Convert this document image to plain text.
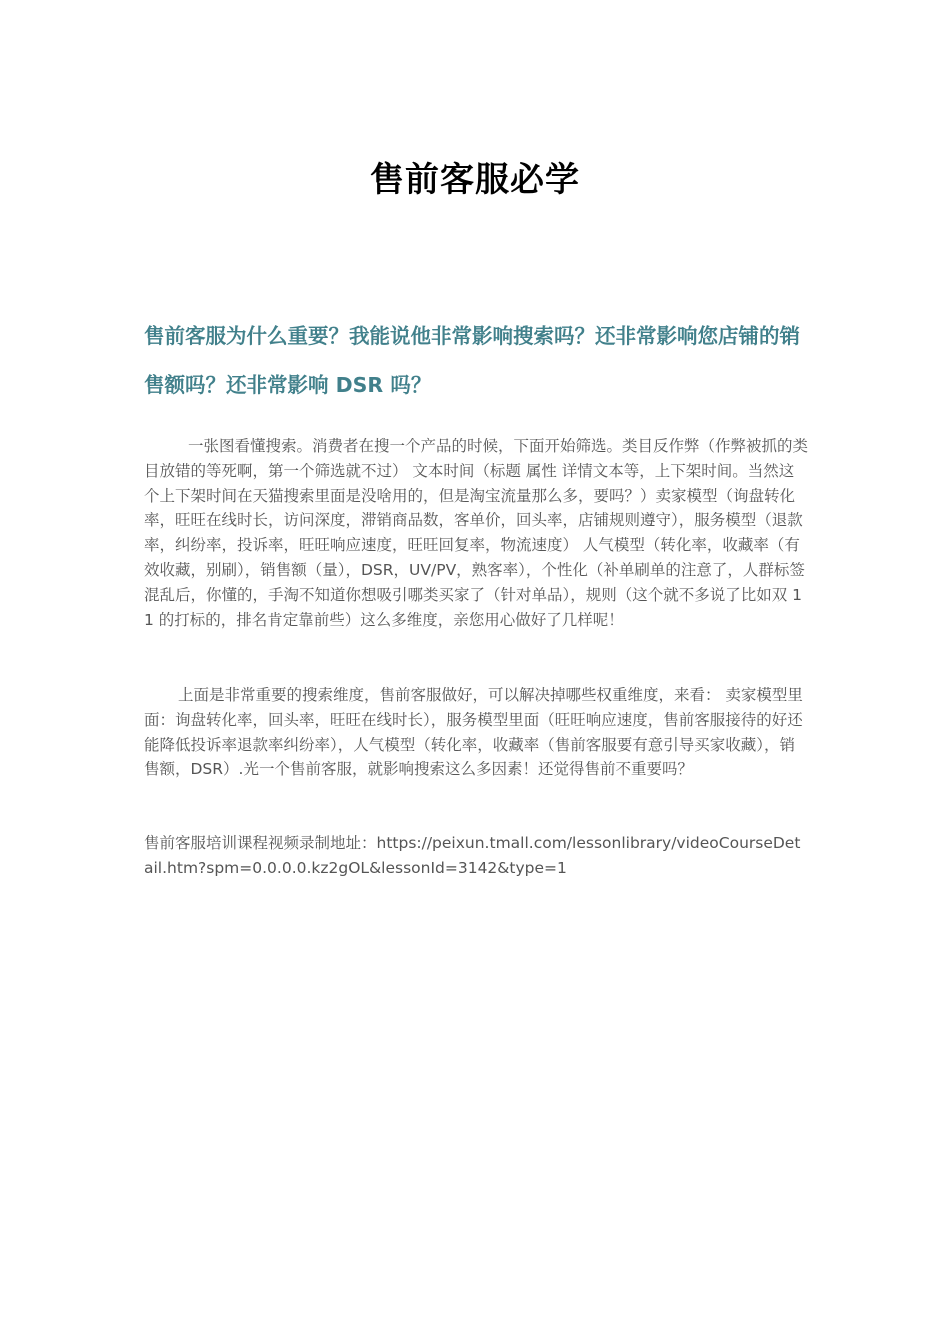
售前客服必学
售前客服为什么重要？我能说他非常影响搜索吗？还非常影响您店铺的销售额吗？还非常影响 DSR 吗？

一张图看懂搜索。消费者在搜一个产品的时候，下面开始筛选。类目反作弊（作弊被抓的类目放错的等死啊，第一个筛选就不过） 文本时间（标题 属性 详情文本等，上下架时间。当然这个上下架时间在天猫搜索里面是没啥用的，但是淘宝流量那么多，要吗？）卖家模型（询盘转化率，旺旺在线时长，访问深度，滞销商品数，客单价，回头率，店铺规则遵守），服务模型（退款率，纠纷率，投诉率，旺旺响应速度，旺旺回复率，物流速度） 人气模型（转化率，收藏率（有效收藏，别刷），销售额（量），DSR，UV/PV，熟客率），个性化（补单刷单的注意了，人群标签混乱后，你懂的，手淘不知道你想吸引哪类买家了（针对单品），规则（这个就不多说了比如双 11 的打标的，排名肯定靠前些）这么多维度，亲您用心做好了几样呢！

上面是非常重要的搜索维度，售前客服做好，可以解决掉哪些权重维度，来看： 卖家模型里面：询盘转化率，回头率，旺旺在线时长），服务模型里面（旺旺响应速度，售前客服接待的好还能降低投诉率退款率纠纷率），人气模型（转化率，收藏率（售前客服要有意引导买家收藏），销售额，DSR）.光一个售前客服，就影响搜索这么多因素！还觉得售前不重要吗？

售前客服培训课程视频录制地址：https://peixun.tmall.com/lessonlibrary/videoCourseDetail.htm?spm=0.0.0.0.kz2gOL&lessonId=3142&type=1
